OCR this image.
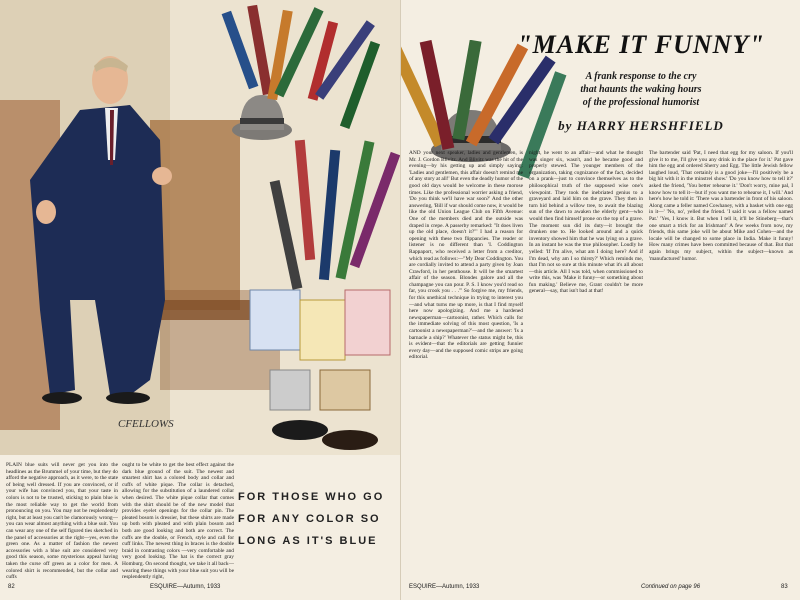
CFELLOWS
PLAIN blue suits will never get you into the headlines as the Brummel of your time, but they do afford the negative approach, as it were, to the state of being well dressed. If you are convinced, or if your wife has convinced you, that your taste in colors is not to be trusted, sticking to plain blue is the most reliable way to get the world from pronouncing on you. You may not be resplendently right, but at least you can't be clamorously wrong—you can wear almost anything with a blue suit. You can wear any one of the self figured ties sketched in the panel of accessories at the right—yes, even the green one. As a matter of fashion the newest accessories with a blue suit are considered very good this season, some mysterious appeal having taken the curse off green as a color for men. A colored shirt is recommended, but the collar and cuffs
ought to be white to get the best effect against the dark blue ground of the suit. The newest and smartest shirt has a colored body and collar and cuffs of white pique. The collar is detached, allowing for the substitution of a laundered collar when desired. The white pique collar that comes with the shirt should be of the new model that provides eyelet openings for the collar pin. The pleated bosom is dressier, but these shirts are made up both with pleated and with plain bosom and both are good looking and both are correct. The cuffs are the double, or French, style and call for cuff links. The newest thing in braces is the double braid in contrasting colors —very comfortable and very good looking. The hat is the correct gray Homburg. On second thought, we take it all back—wearing these things with your blue suit you will be resplendently right,
FOR THOSE WHO GO
FOR ANY COLOR SO
LONG AS IT'S BLUE
82	ESQUIRE—Autumn, 1933
"MAKE IT FUNNY"
A frank response to the cry
that haunts the waking hours
of the professional humorist
by HARRY HERSHFIELD
AND your next speaker, ladies and gentlemen, is Mr. J. Gordon Blivitz. And Blivitz was the hit of the evening—by his getting up and simply saying: 'Ladies and gentlemen, this affair doesn't remind me of any story at all!' But even the deadly humor of the good old days would be welcome in these morose times. Like the professional worrier asking a friend, 'Do you think we'll have war soon?' And the other answering, 'Bill if war should come now, it would be like the old Union League Club on Fifth Avenue: One of the members died and the outside was draped in crepe. A passerby remarked: "It does liven up the old place, doesn't it?"' I had a reason for opening with these two flippancies. The reader or listener is no different than 'I. Coddington Rappaport, who received a letter from a creditor, which read as follows:—"My Dear Coddington. You are cordially invited to attend a party given by Joan Crawford, in her penthouse. It will be the smartest affair of the season. Blondes galore and all the champagne you can pour. P. S. I know you'd read so far, you crook you . . ."' So forgive me, my friends, for this unethical technique in trying to interest you—and what turns me up more, is that I find myself here now apologizing. And me a hardened newspaperman—cartoonist, rather. Which calls for the immediate solving of this most question, 'Is a cartoonist a newspaperman?'—and the answer: 'Is a barnacle a ship?' Whatever the status might be, this is evident—that the editorials are getting funnier every day—and the supposed comic strips are going editorial.
night, he went to an affair—and what he thought was singer six, wasn't, and he became good and properly stewed. The younger members of the organization, taking cognizance of the fact, decided on a prank—just to convince themselves as to the philosophical truth of the supposed wise one's viewpoint. They took the inebriated genius to a graveyard and laid him on the grave. They then in turn hid behind a willow tree, to await the blazing sun of the dawn to awaken the elderly gent—who would then find himself prone on the top of a grave. The moment sun did its duty—it brought the drunken one to. He looked around and a quick inventory showed him that he was lying on a grave. In an instant he was the true philosopher. Loudly he yelled: 'If I'm alive, what am I doing here? And if I'm dead, why am I so thirsty?' Which reminds me, that I'm not so sure at this minute what it's all about—this article. All I was told, when commissioned to write this, was 'Make it funny—or something about fun making.' Believe me, Grant couldn't be more general—say, that isn't bad at that!
The bartender said 'Pat, I need that egg for my saloon. If you'll give it to me, I'll give you any drink in the place for it.' Pat gave him the egg and ordered Sherry and Egg. The little Jewish fellow laughed loud, 'That certainly is a good joke—I'll positively be a big hit with it in the minstrel show.' 'Do you know how to tell it?' asked the friend, 'You better rehearse it.' 'Don't worry, mine pal, I know how to tell it—but if you want me to rehearse it, I will.' And here's how he told it: 'There was a bartender in front of his saloon. Along came a feller named Cowhaney, with a basket with one egg in it—' 'No, no', yelled the friend. 'I said it was a fellow named Pat.' 'Yes, I know it. But when I tell it, it'll be Stineberg—that's one smart a trick for an Irishman!' A few weeks from now, my friends, this same joke will be about Mike and Cohen—and the locale will be changed to some place in India. Make it funny! How many crimes have been committed because of that. But that again brings my subject, within the subject—known as 'manufactured' humor.
ESQUIRE—Autumn, 1933	Continued on page 96	83
